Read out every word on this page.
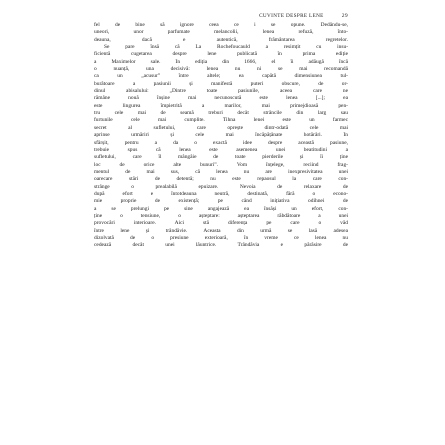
CUVINTE DESPRE LENE	29
fel de bine să ignore ceea ce i se opune. Dedându-se,
uneori, unor parfumate melancolii, lenea refuză, înto-
deauna, dacă e autentică, frământarea regretelor.
Se pare însă că La Rochefoucauld a resimțit cu insu-
ficientă cugetarea despre lene publicată în prima ediție
a Maximelor sale. În ediția din 1666, el îi adăugă încă
o nuanță, una decisivă: lenea nu ni se mai recomandă
ca un „acusur” între altele; ea capătă dimensiunea tul-
burătoare a pasiunii și manifestă puteri obscure, de or-
dinul abisalului: „Dintre toate pasiunile, aceea care ne
rămâne nouă înșine mai necunoscută este lenea [...]; ea
este lingurea împietrită a marilor, mai primejdioasă pen-
tru cele mai de seamă treburi decât strâncile din larg sau
furtunile cele mai cumplite. Tihna lenei este un farmec
secret al sufletului, care oprește dintr-odată cele mai
aprinse urmăriri și cele mai încăpățânate hotărâri. În
sfârșit, pentru a da o exactă idee despre această pasiune,
trebuie spus că lenea este asemenea unei beatitudini a
sufletului, care îl mângâie de toate pierderile și îi ține
loc de orice alte bunuri”. Vom înțelege, reciind frag-
mentul de mai sus, că lenea nu are inexpresivitatea unei
oarecare stări de detentă; nu este repaosul la care con-
strânge o prealabilă epuizare. Nevoia de relaxare de
după efort e întotdeauna neutră, destinată, fără o econo-
mie proprie de existență; pe când inițiativa odihnei de
a se prelungi pe sine angajează ea însăși un efort, con-
ține o tensiune, o așteptare: așteptarea răbdătoare a unei
provocări interioare. Aici stă diferența pe care o văd
între lene și trândăvie. Aceasta din urmă se lasă adesea
dizolvată de o presiune exterioară, în vreme ce lenea nu
cedează decât unei lăuntrice. Trândăvia e părăsire de
